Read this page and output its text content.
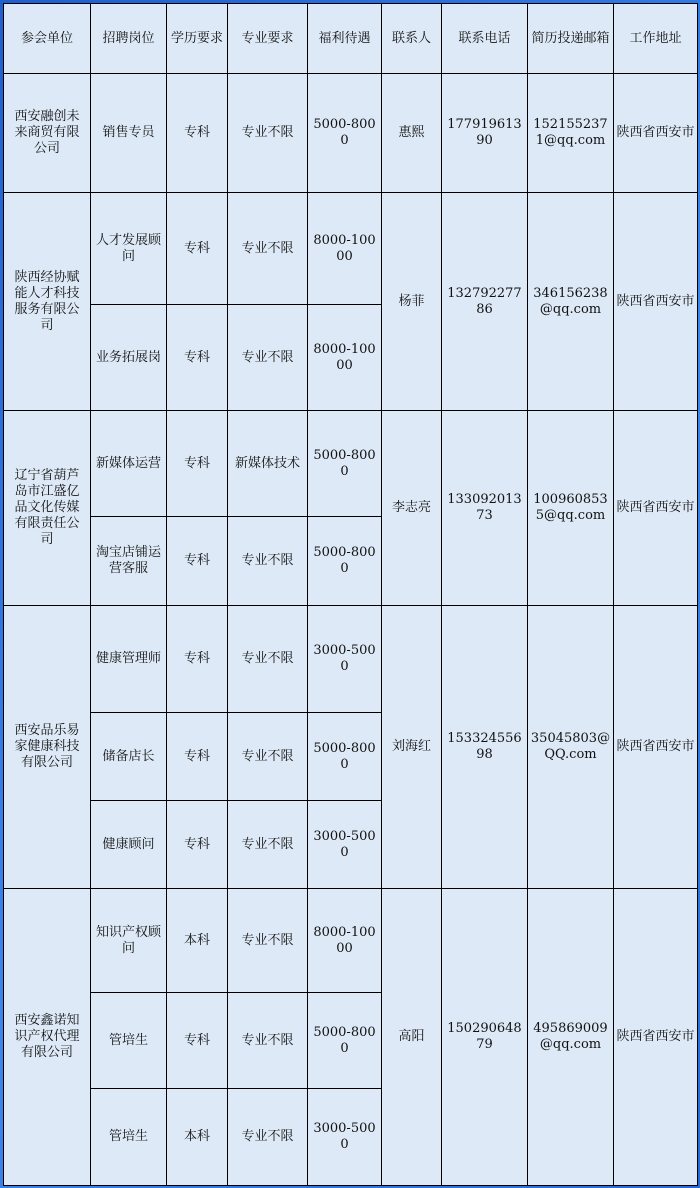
参会单位	招聘岗位	学历要求	专业要求	福利待遇	联系人	联系电话	简历投递邮箱	工作地址
西安融创未来商贸有限公司	销售专员	专科	专业不限	5000-8000	惠熙	17791961390	1521552371@qq.com	陕西省西安市
陕西经协赋能人才科技服务有限公司	人才发展顾问	专科	专业不限	8000-10000	杨菲	13279227786	346156238@qq.com	陕西省西安市
	业务拓展岗	专科	专业不限	8000-10000				
辽宁省葫芦岛市江盛亿品文化传媒有限责任公司	新媒体运营	专科	新媒体技术	5000-8000	李志亮	13309201373	1009608535@qq.com	陕西省西安市
	淘宝店铺运营客服	专科	专业不限	5000-8000				
西安品乐易家健康科技有限公司	健康管理师	专科	专业不限	3000-5000	刘海红	15332455698	35045803@QQ.com	陕西省西安市
	储备店长	专科	专业不限	5000-8000				
	健康顾问	专科	专业不限	3000-5000				
西安鑫诺知识产权代理有限公司	知识产权顾问	本科	专业不限	8000-10000	高阳	15029064879	495869009@qq.com	陕西省西安市
	管培生	专科	专业不限	5000-8000				
	管培生	本科	专业不限	3000-5000				
